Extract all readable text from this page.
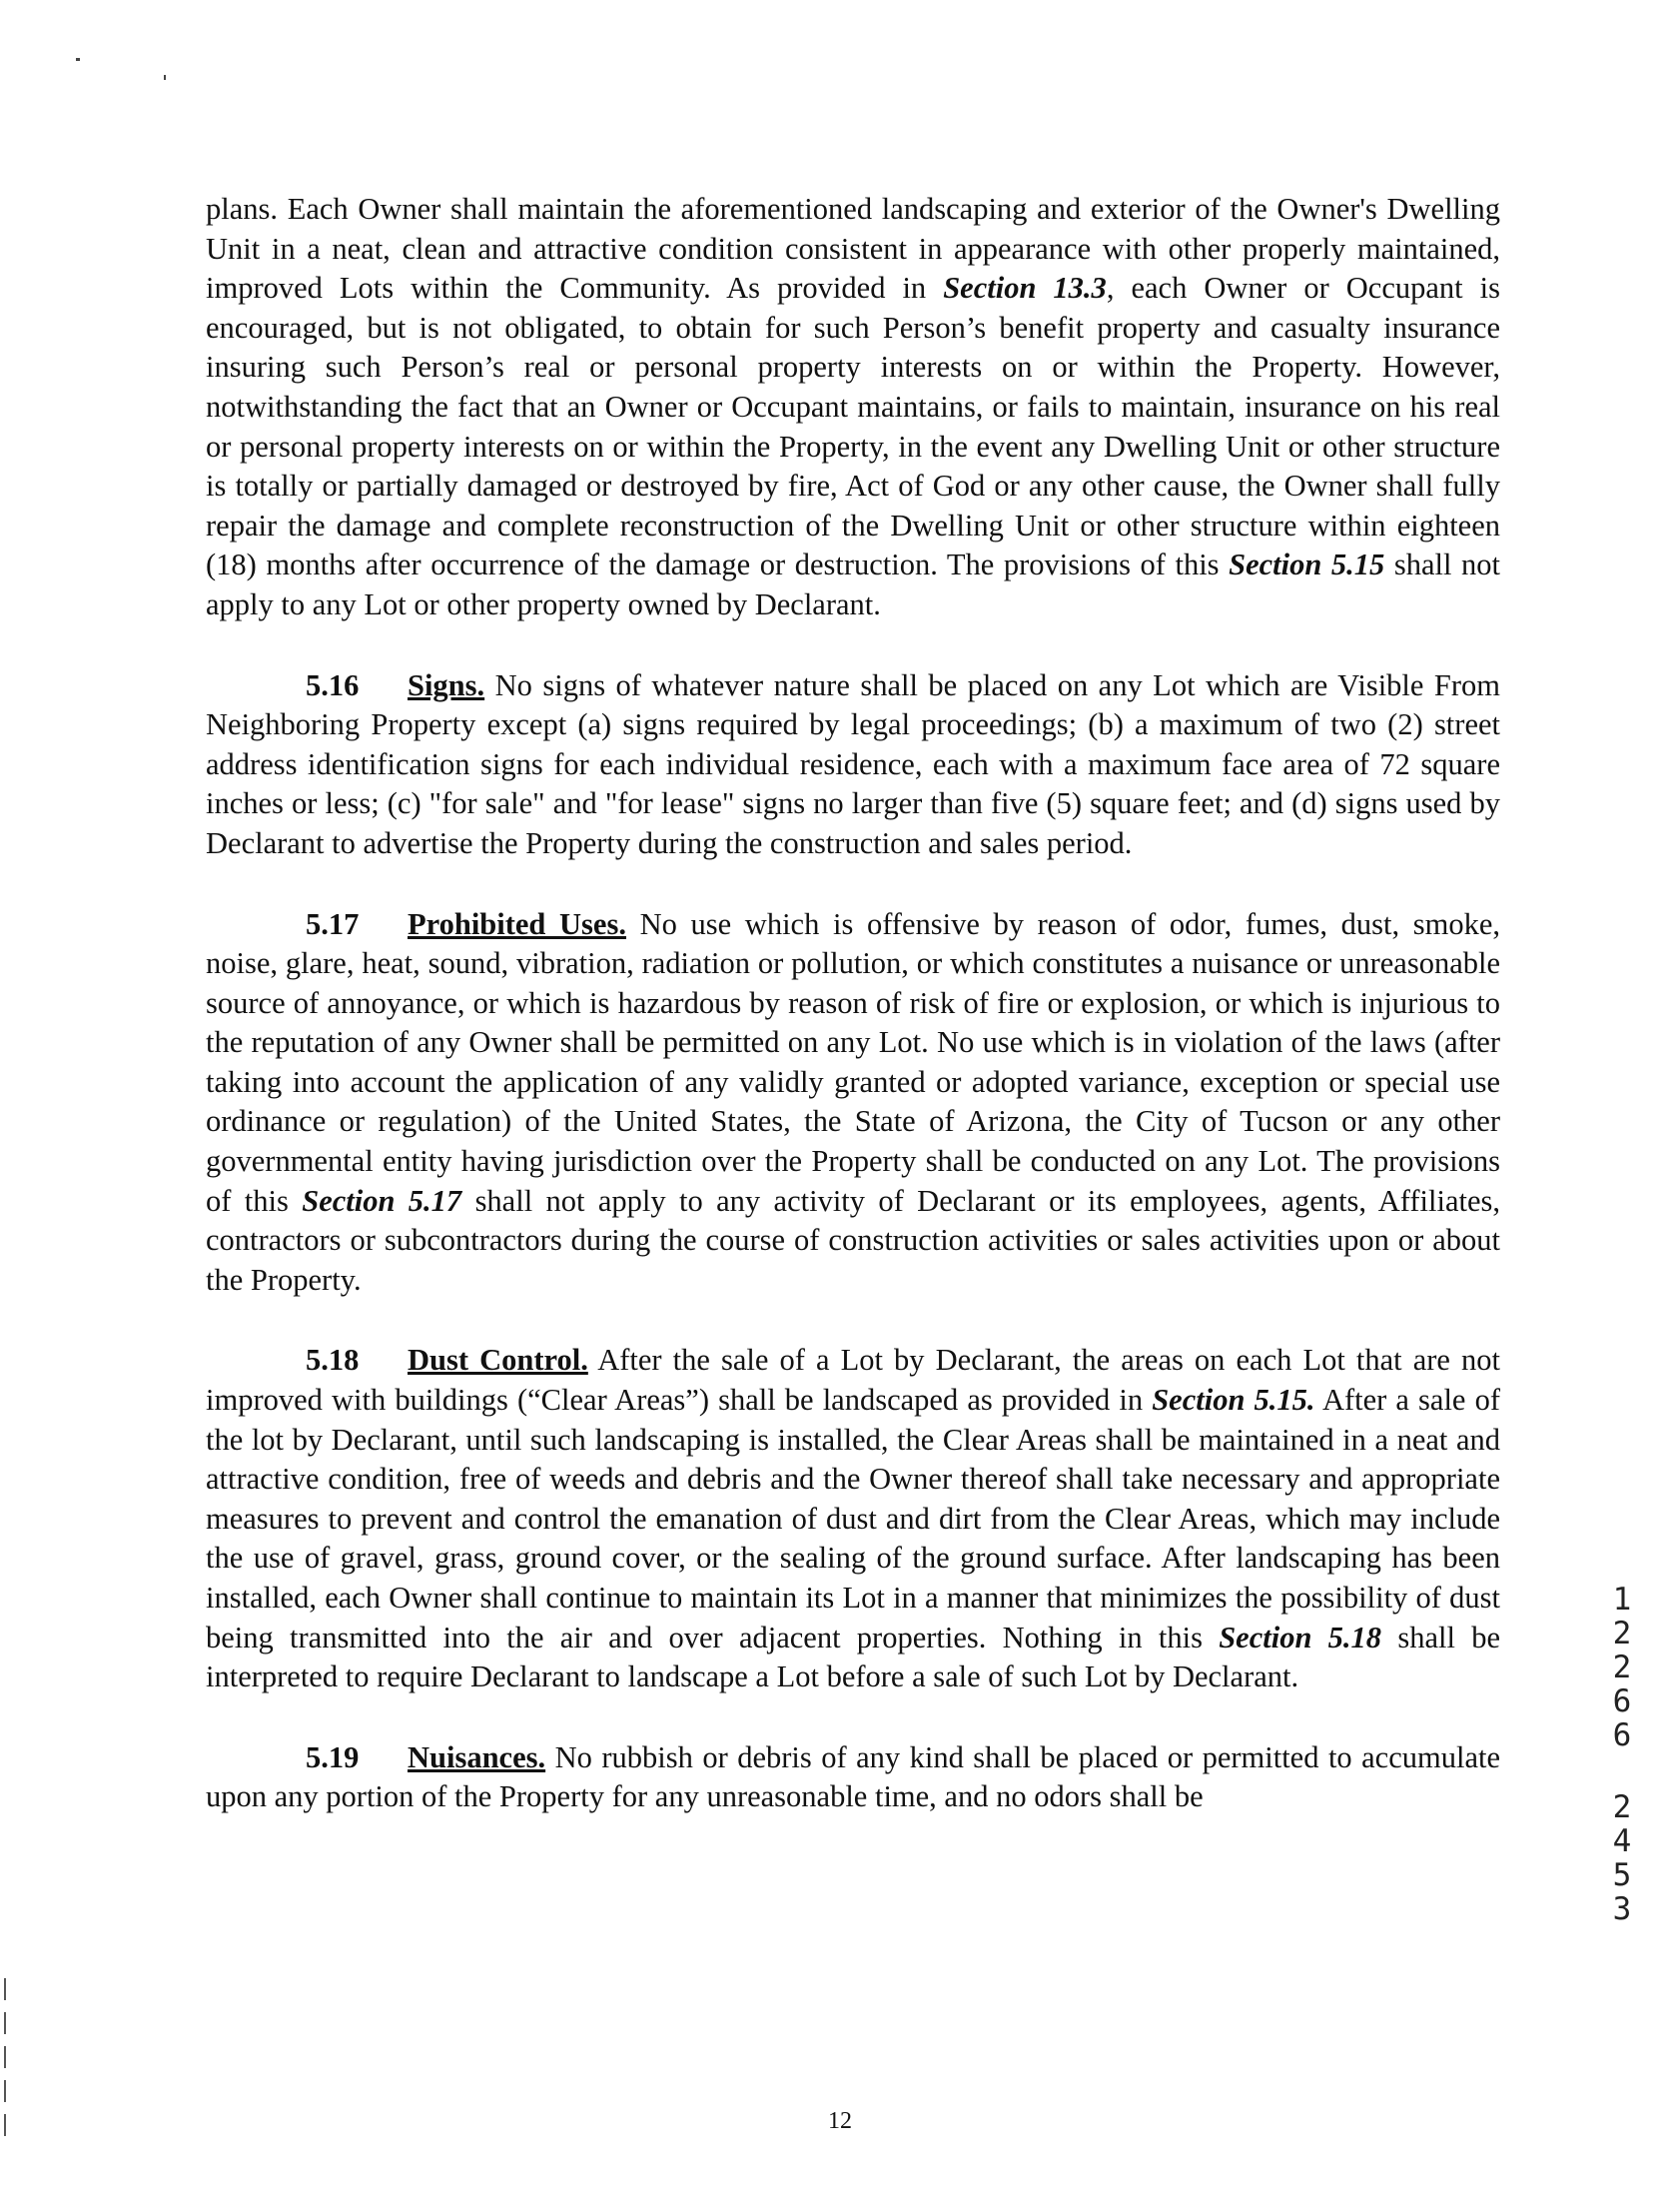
plans. Each Owner shall maintain the aforementioned landscaping and exterior of the Owner's Dwelling Unit in a neat, clean and attractive condition consistent in appearance with other properly maintained, improved Lots within the Community. As provided in Section 13.3, each Owner or Occupant is encouraged, but is not obligated, to obtain for such Person’s benefit property and casualty insurance insuring such Person’s real or personal property interests on or within the Property. However, notwithstanding the fact that an Owner or Occupant maintains, or fails to maintain, insurance on his real or personal property interests on or within the Property, in the event any Dwelling Unit or other structure is totally or partially damaged or destroyed by fire, Act of God or any other cause, the Owner shall fully repair the damage and complete reconstruction of the Dwelling Unit or other structure within eighteen (18) months after occurrence of the damage or destruction. The provisions of this Section 5.15 shall not apply to any Lot or other property owned by Declarant.

5.16 Signs. No signs of whatever nature shall be placed on any Lot which are Visible From Neighboring Property except (a) signs required by legal proceedings; (b) a maximum of two (2) street address identification signs for each individual residence, each with a maximum face area of 72 square inches or less; (c) "for sale" and "for lease" signs no larger than five (5) square feet; and (d) signs used by Declarant to advertise the Property during the construction and sales period.

5.17 Prohibited Uses. No use which is offensive by reason of odor, fumes, dust, smoke, noise, glare, heat, sound, vibration, radiation or pollution, or which constitutes a nuisance or unreasonable source of annoyance, or which is hazardous by reason of risk of fire or explosion, or which is injurious to the reputation of any Owner shall be permitted on any Lot. No use which is in violation of the laws (after taking into account the application of any validly granted or adopted variance, exception or special use ordinance or regulation) of the United States, the State of Arizona, the City of Tucson or any other governmental entity having jurisdiction over the Property shall be conducted on any Lot. The provisions of this Section 5.17 shall not apply to any activity of Declarant or its employees, agents, Affiliates, contractors or subcontractors during the course of construction activities or sales activities upon or about the Property.

5.18 Dust Control. After the sale of a Lot by Declarant, the areas on each Lot that are not improved with buildings (“Clear Areas”) shall be landscaped as provided in Section 5.15. After a sale of the lot by Declarant, until such landscaping is installed, the Clear Areas shall be maintained in a neat and attractive condition, free of weeds and debris and the Owner thereof shall take necessary and appropriate measures to prevent and control the emanation of dust and dirt from the Clear Areas, which may include the use of gravel, grass, ground cover, or the sealing of the ground surface. After landscaping has been installed, each Owner shall continue to maintain its Lot in a manner that minimizes the possibility of dust being transmitted into the air and over adjacent properties. Nothing in this Section 5.18 shall be interpreted to require Declarant to landscape a Lot before a sale of such Lot by Declarant.

5.19 Nuisances. No rubbish or debris of any kind shall be placed or permitted to accumulate upon any portion of the Property for any unreasonable time, and no odors shall be

1
2
2
6
6
2
4
5
3
12
